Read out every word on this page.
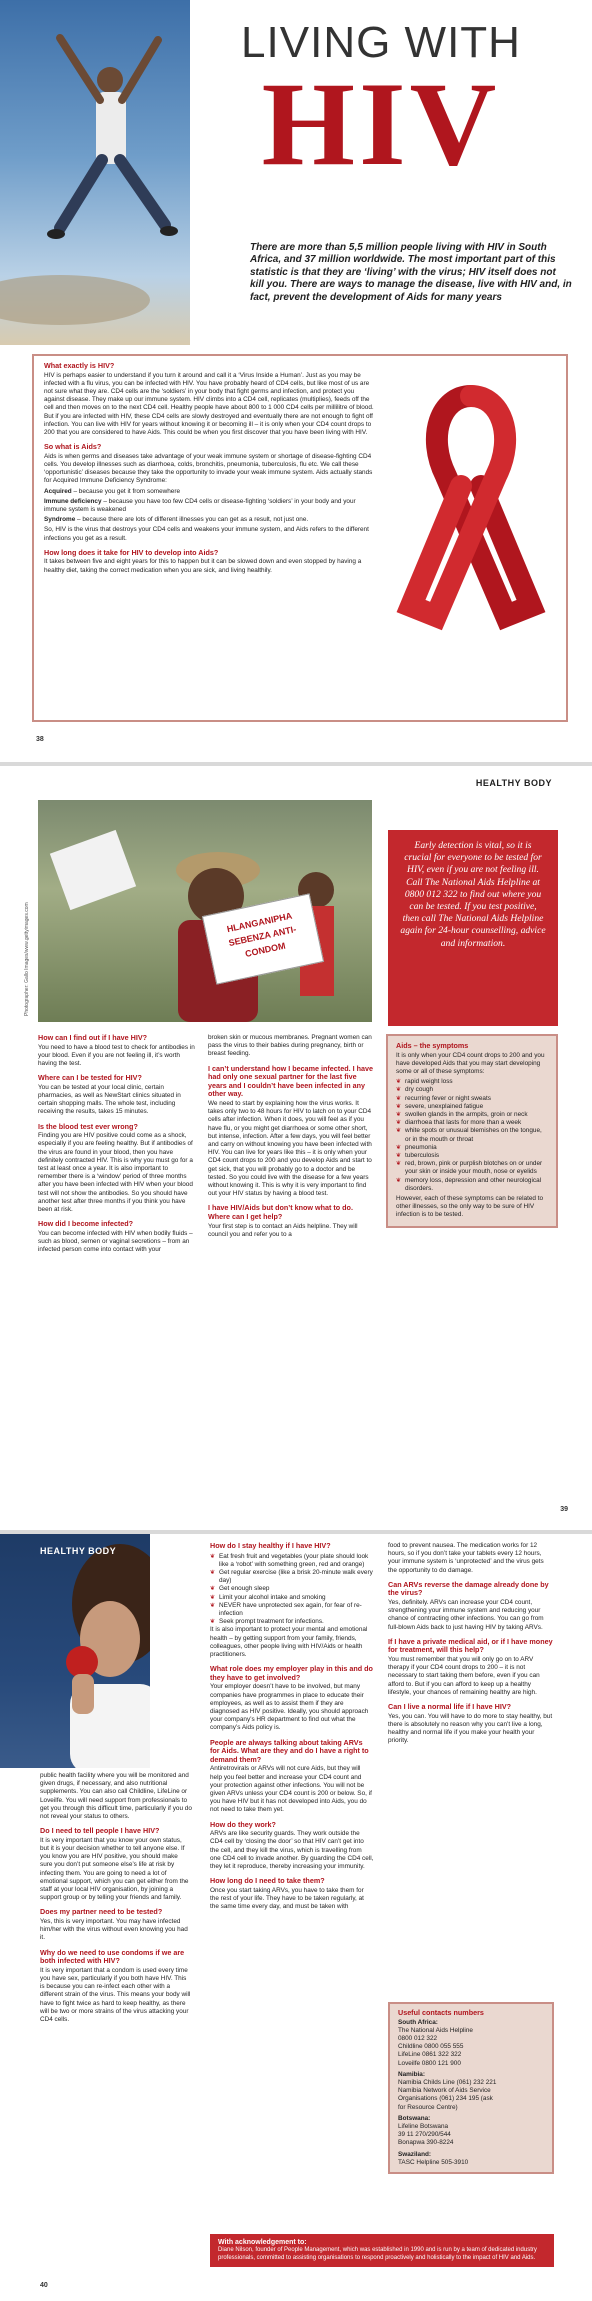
LIVING WITH
HIV
There are more than 5,5 million people living with HIV in South Africa, and 37 million worldwide. The most important part of this statistic is that they are ‘living’ with the virus; HIV itself does not kill you. There are ways to manage the disease, live with HIV and, in fact, prevent the development of Aids for many years

What exactly is HIV?

HIV is perhaps easier to understand if you turn it around and call it a ‘Virus Inside a Human’. Just as you may be infected with a flu virus, you can be infected with HIV. You have probably heard of CD4 cells, but like most of us are not sure what they are. CD4 cells are the ‘soldiers’ in your body that fight germs and infection, and protect you against disease. They make up our immune system. HIV climbs into a CD4 cell, replicates (multiplies), feeds off the cell and then moves on to the next CD4 cell. Healthy people have about 800 to 1 000 CD4 cells per millilitre of blood. But if you are infected with HIV, these CD4 cells are slowly destroyed and eventually there are not enough to fight off infection. You can live with HIV for years without knowing it or becoming ill – it is only when your CD4 count drops to 200 that you are considered to have Aids. This could be when you first discover that you have been living with HIV.

So what is Aids?

Aids is when germs and diseases take advantage of your weak immune system or shortage of disease-fighting CD4 cells. You develop illnesses such as diarrhoea, colds, bronchitis, pneumonia, tuberculosis, flu etc. We call these ‘opportunistic’ diseases because they take the opportunity to invade your weak immune system. Aids actually stands for Acquired Immune Deficiency Syndrome:

Acquired – because you get it from somewhere

Immune deficiency – because you have too few CD4 cells or disease-fighting ‘soldiers’ in your body and your immune system is weakened

Syndrome – because there are lots of different illnesses you can get as a result, not just one.

So, HIV is the virus that destroys your CD4 cells and weakens your immune system, and Aids refers to the different infections you get as a result.

How long does it take for HIV to develop into Aids?

It takes between five and eight years for this to happen but it can be slowed down and even stopped by having a healthy diet, taking the correct medication when you are sick, and living healthily.

38
HEALTHY BODY
HLANGANIPHA SEBENZA ANTI-CONDOM
Photographer: Gallo Images/www.gettyimages.com

Early detection is vital, so it is crucial for everyone to be tested for HIV, even if you are not feeling ill. Call The National Aids Helpline at 0800 012 322 to find out where you can be tested. If you test positive, then call The National Aids Helpline again for 24-hour counselling, advice and information.

How can I find out if I have HIV?

You need to have a blood test to check for antibodies in your blood. Even if you are not feeling ill, it’s worth having the test.

Where can I be tested for HIV?

You can be tested at your local clinic, certain pharmacies, as well as NewStart clinics situated in certain shopping malls. The whole test, including receiving the results, takes 15 minutes.

Is the blood test ever wrong?

Finding you are HIV positive could come as a shock, especially if you are feeling healthy. But if antibodies of the virus are found in your blood, then you have definitely contracted HIV. This is why you must go for a test at least once a year. It is also important to remember there is a ‘window’ period of three months after you have been infected with HIV when your blood test will not show the antibodies. So you should have another test after three months if you think you have been at risk.

How did I become infected?

You can become infected with HIV when bodily fluids – such as blood, semen or vaginal secretions – from an infected person come into contact with your

broken skin or mucous membranes. Pregnant women can pass the virus to their babies during pregnancy, birth or breast feeding.

I can’t understand how I became infected. I have had only one sexual partner for the last five years and I couldn’t have been infected in any other way.

We need to start by explaining how the virus works. It takes only two to 48 hours for HIV to latch on to your CD4 cells after infection. When it does, you will feel as if you have flu, or you might get diarrhoea or some other short, but intense, infection. After a few days, you will feel better and carry on without knowing you have been infected with HIV. You can live for years like this – it is only when your CD4 count drops to 200 and you develop Aids and start to get sick, that you will probably go to a doctor and be tested. So you could live with the disease for a few years without knowing it. This is why it is very important to find out your HIV status by having a blood test.

I have HIV/Aids but don’t know what to do. Where can I get help?

Your first step is to contact an Aids helpline. They will council you and refer you to a

Aids – the symptoms

It is only when your CD4 count drops to 200 and you have developed Aids that you may start developing some or all of these symptoms:

❦ rapid weight loss
❦ dry cough
❦ recurring fever or night sweats
❦ severe, unexplained fatigue
❦ swollen glands in the armpits, groin or neck
❦ diarrhoea that lasts for more than a week
❦ white spots or unusual blemishes on the tongue, or in the mouth or throat
❦ pneumonia
❦ tuberculosis
❦ red, brown, pink or purplish blotches on or under your skin or inside your mouth, nose or eyelids
❦ memory loss, depression and other neurological disorders.

However, each of these symptoms can be related to other illnesses, so the only way to be sure of HIV infection is to be tested.

39
HEALTHY BODY

public health facility where you will be monitored and given drugs, if necessary, and also nutritional supplements. You can also call Childline, LifeLine or Loveilfe. You will need support from professionals to get you through this difficult time, particularly if you do not reveal your status to others.

Do I need to tell people I have HIV?

It is very important that you know your own status, but it is your decision whether to tell anyone else. If you know you are HIV positive, you should make sure you don’t put someone else’s life at risk by infecting them. You are going to need a lot of emotional support, which you can get either from the staff at your local HIV organisation, by joining a support group or by telling your friends and family.

Does my partner need to be tested?

Yes, this is very important. You may have infected him/her with the virus without even knowing you had it.

Why do we need to use condoms if we are both infected with HIV?

It is very important that a condom is used every time you have sex, particularly if you both have HIV. This is because you can re-infect each other with a different strain of the virus. This means your body will have to fight twice as hard to keep healthy, as there will be two or more strains of the virus attacking your CD4 cells.

How do I stay healthy if I have HIV?

❦ Eat fresh fruit and vegetables (your plate should look like a ‘robot’ with something green, red and orange)
❦ Get regular exercise (like a brisk 20-minute walk every day)
❦ Get enough sleep
❦ Limit your alcohol intake and smoking
❦ NEVER have unprotected sex again, for fear of re-infection
❦ Seek prompt treatment for infections.

It is also important to protect your mental and emotional health – by getting support from your family, friends, colleagues, other people living with HIV/Aids or health practitioners.

What role does my employer play in this and do they have to get involved?

Your employer doesn’t have to be involved, but many companies have programmes in place to educate their employees, as well as to assist them if they are diagnosed as HIV positive. Ideally, you should approach your company’s HR department to find out what the company’s Aids policy is.

People are always talking about taking ARVs for Aids. What are they and do I have a right to demand them?

Antiretrovirals or ARVs will not cure Aids, but they will help you feel better and increase your CD4 count and your protection against other infections. You will not be given ARVs unless your CD4 count is 200 or below. So, if you have HIV but it has not developed into Aids, you do not need to take them yet.

How do they work?

ARVs are like security guards. They work outside the CD4 cell by ‘closing the door’ so that HIV can’t get into the cell, and they kill the virus, which is travelling from one CD4 cell to invade another. By guarding the CD4 cell, they let it reproduce, thereby increasing your immunity.

How long do I need to take them?

Once you start taking ARVs, you have to take them for the rest of your life. They have to be taken regularly, at the same time every day, and must be taken with

food to prevent nausea. The medication works for 12 hours, so if you don’t take your tablets every 12 hours, your immune system is ‘unprotected’ and the virus gets the opportunity to do damage.

Can ARVs reverse the damage already done by the virus?

Yes, definitely. ARVs can increase your CD4 count, strengthening your immune system and reducing your chance of contracting other infections. You can go from full-blown Aids back to just having HIV by taking ARVs.

If I have a private medical aid, or if I have money for treatment, will this help?

You must remember that you will only go on to ARV therapy if your CD4 count drops to 200 – it is not necessary to start taking them before, even if you can afford to. But if you can afford to keep up a healthy lifestyle, your chances of remaining healthy are high.

Can I live a normal life if I have HIV?

Yes, you can. You will have to do more to stay healthy, but there is absolutely no reason why you can’t live a long, healthy and normal life if you make your health your priority.

Useful contacts numbers

South Africa:

The National Aids Helpline

0800 012 322

Childline 0800 055 555

LifeLine 0861 322 322

Loveilfe 0800 121 900

Namibia:

Namibia Childs Line (061) 232 221

Namibia Network of Aids Service

Organisations (061) 234 195 (ask

for Resource Centre)

Botswana:

Lifeline Botswana

39 11 270/290/544

Bonapwa 390-8224

Swaziland:

TASC Helpline 505-3910

With acknowledgement to:

Diane Nilson, founder of People Management, which was established in 1990 and is run by a team of dedicated industry professionals, committed to assisting organisations to respond proactively and holistically to the impact of HIV and Aids.

40
